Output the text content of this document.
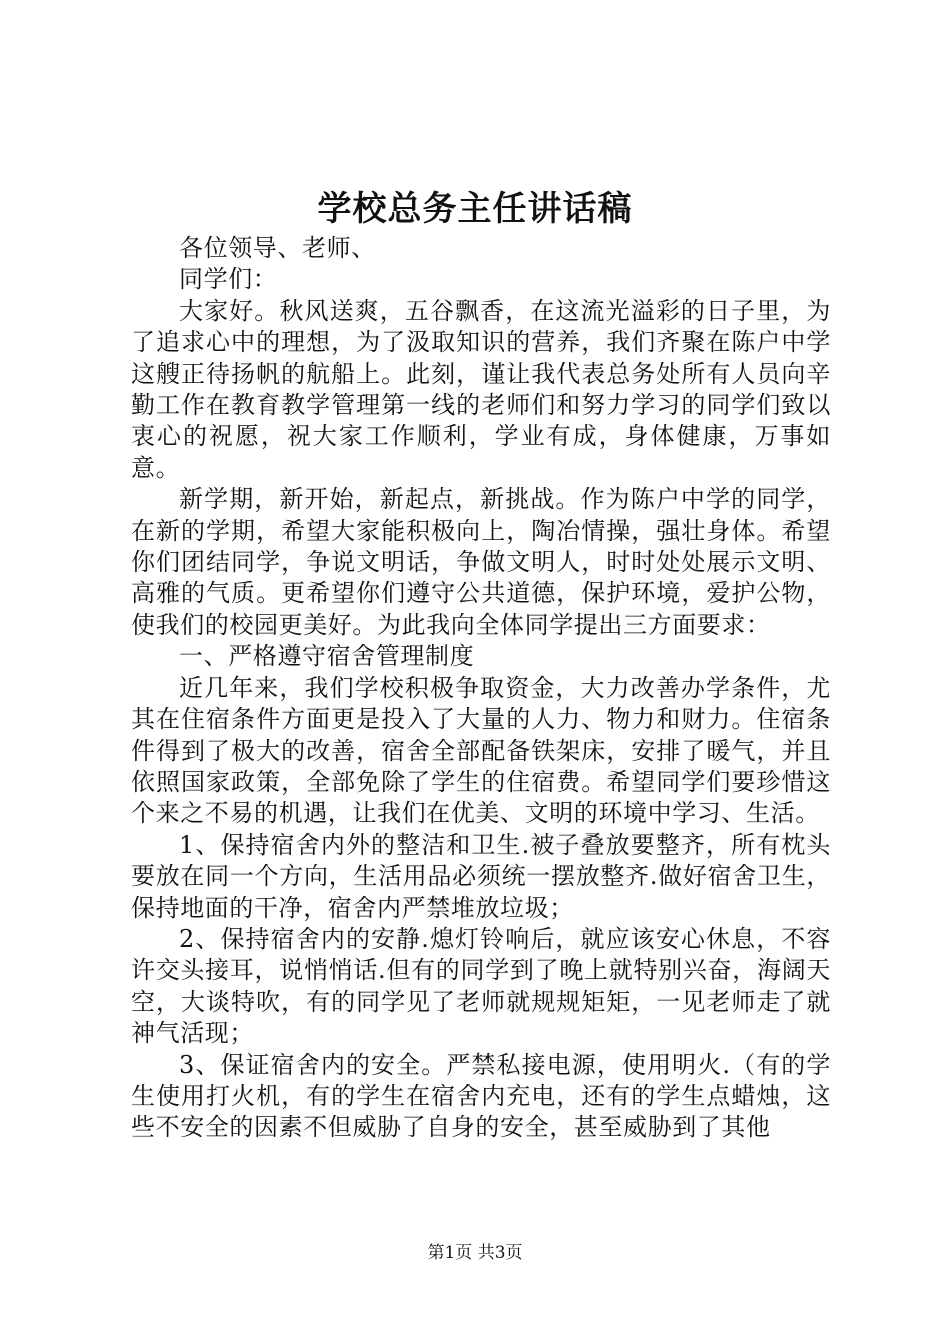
学校总务主任讲话稿

各位领导、老师、

同学们：

大家好。秋风送爽，五谷飘香，在这流光溢彩的日子里，为了追求心中的理想，为了汲取知识的营养，我们齐聚在陈户中学这艘正待扬帆的航船上。此刻，谨让我代表总务处所有人员向辛勤工作在教育教学管理第一线的老师们和努力学习的同学们致以衷心的祝愿，祝大家工作顺利，学业有成，身体健康，万事如意。

新学期，新开始，新起点，新挑战。作为陈户中学的同学，在新的学期，希望大家能积极向上，陶冶情操，强壮身体。希望你们团结同学，争说文明话，争做文明人，时时处处展示文明、高雅的气质。更希望你们遵守公共道德，保护环境，爱护公物，使我们的校园更美好。为此我向全体同学提出三方面要求：

一、严格遵守宿舍管理制度

近几年来，我们学校积极争取资金，大力改善办学条件，尤其在住宿条件方面更是投入了大量的人力、物力和财力。住宿条件得到了极大的改善，宿舍全部配备铁架床，安排了暖气，并且依照国家政策，全部免除了学生的住宿费。希望同学们要珍惜这个来之不易的机遇，让我们在优美、文明的环境中学习、生活。

1、保持宿舍内外的整洁和卫生.被子叠放要整齐，所有枕头要放在同一个方向，生活用品必须统一摆放整齐.做好宿舍卫生，保持地面的干净，宿舍内严禁堆放垃圾；

2、保持宿舍内的安静.熄灯铃响后，就应该安心休息，不容许交头接耳，说悄悄话.但有的同学到了晚上就特别兴奋，海阔天空，大谈特吹，有的同学见了老师就规规矩矩，一见老师走了就神气活现；

3、保证宿舍内的安全。严禁私接电源，使用明火.（有的学生使用打火机，有的学生在宿舍内充电，还有的学生点蜡烛，这些不安全的因素不但威胁了自身的安全，甚至威胁到了其他

第1页 共3页
